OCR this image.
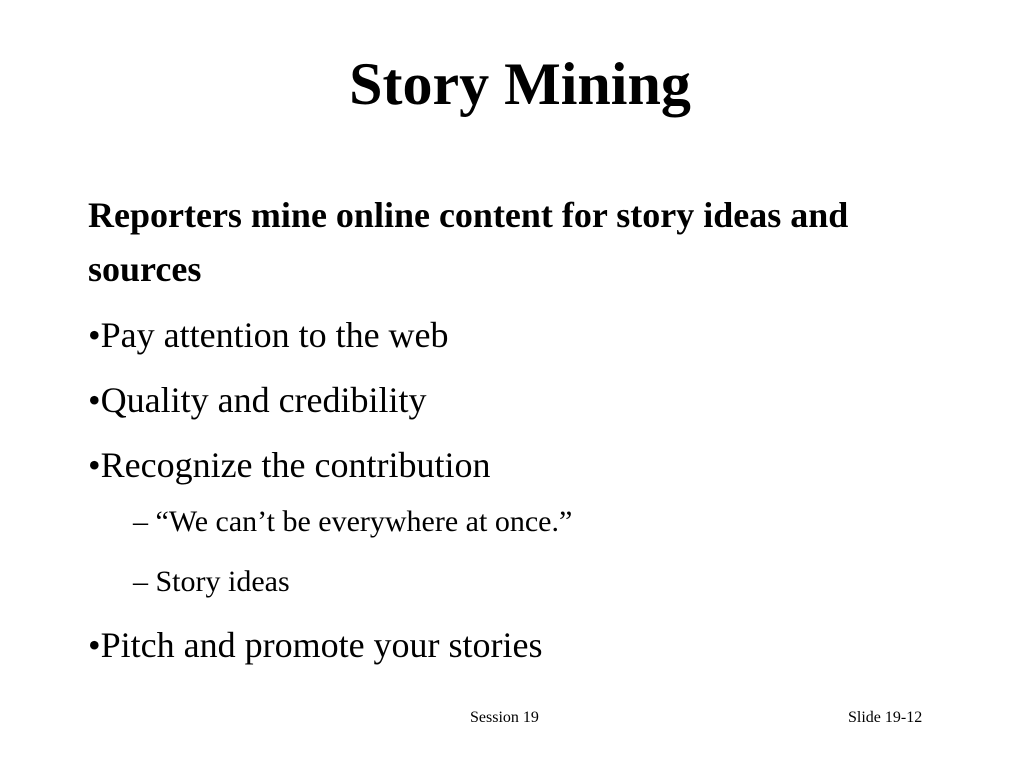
Story Mining

Reporters mine online content for story ideas and sources

•Pay attention to the web

•Quality and credibility

•Recognize the contribution

– “We can’t be everywhere at once.”

– Story ideas

•Pitch and promote your stories

Session 19	Slide 19-12
